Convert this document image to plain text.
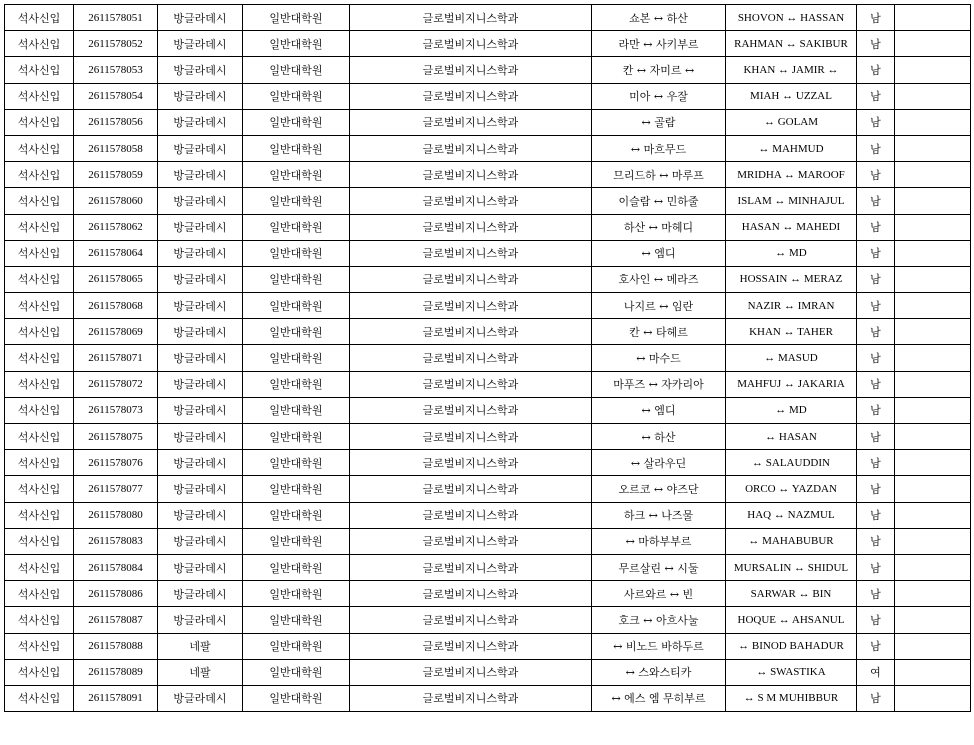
석사신입	2611578051	방글라데시	일반대학원	글로벌비지니스학과	쇼본 ↔ 하산	SHOVON ↔ HASSAN	남	
석사신입	2611578052	방글라데시	일반대학원	글로벌비지니스학과	라만 ↔ 사키부르	RAHMAN ↔ SAKIBUR	남	
석사신입	2611578053	방글라데시	일반대학원	글로벌비지니스학과	칸 ↔ 자미르 ↔	KHAN ↔ JAMIR ↔	남	
석사신입	2611578054	방글라데시	일반대학원	글로벌비지니스학과	미아 ↔ 우잘	MIAH ↔ UZZAL	남	
석사신입	2611578056	방글라데시	일반대학원	글로벌비지니스학과	↔ 골람	↔ GOLAM	남	
석사신입	2611578058	방글라데시	일반대학원	글로벌비지니스학과	↔ 마흐무드	↔ MAHMUD	남	
석사신입	2611578059	방글라데시	일반대학원	글로벌비지니스학과	므리드하 ↔ 마루프	MRIDHA ↔ MAROOF	남	
석사신입	2611578060	방글라데시	일반대학원	글로벌비지니스학과	이슬람 ↔ 민하줄	ISLAM ↔ MINHAJUL	남	
석사신입	2611578062	방글라데시	일반대학원	글로벌비지니스학과	하산 ↔ 마헤디	HASAN ↔ MAHEDI	남	
석사신입	2611578064	방글라데시	일반대학원	글로벌비지니스학과	↔ 엠디	↔ MD	남	
석사신입	2611578065	방글라데시	일반대학원	글로벌비지니스학과	호사인 ↔ 메라즈	HOSSAIN ↔ MERAZ	남	
석사신입	2611578068	방글라데시	일반대학원	글로벌비지니스학과	나지르 ↔ 임란	NAZIR ↔ IMRAN	남	
석사신입	2611578069	방글라데시	일반대학원	글로벌비지니스학과	칸 ↔ 타헤르	KHAN ↔ TAHER	남	
석사신입	2611578071	방글라데시	일반대학원	글로벌비지니스학과	↔ 마수드	↔ MASUD	남	
석사신입	2611578072	방글라데시	일반대학원	글로벌비지니스학과	마푸즈 ↔ 자카리아	MAHFUJ ↔ JAKARIA	남	
석사신입	2611578073	방글라데시	일반대학원	글로벌비지니스학과	↔ 엠디	↔ MD	남	
석사신입	2611578075	방글라데시	일반대학원	글로벌비지니스학과	↔ 하산	↔ HASAN	남	
석사신입	2611578076	방글라데시	일반대학원	글로벌비지니스학과	↔ 살라우딘	↔ SALAUDDIN	남	
석사신입	2611578077	방글라데시	일반대학원	글로벌비지니스학과	오르코 ↔ 야즈단	ORCO ↔ YAZDAN	남	
석사신입	2611578080	방글라데시	일반대학원	글로벌비지니스학과	하크 ↔ 나즈물	HAQ ↔ NAZMUL	남	
석사신입	2611578083	방글라데시	일반대학원	글로벌비지니스학과	↔ 마하부부르	↔ MAHABUBUR	남	
석사신입	2611578084	방글라데시	일반대학원	글로벌비지니스학과	무르살린 ↔ 시둘	MURSALIN ↔ SHIDUL	남	
석사신입	2611578086	방글라데시	일반대학원	글로벌비지니스학과	사르와르 ↔ 빈	SARWAR ↔ BIN	남	
석사신입	2611578087	방글라데시	일반대학원	글로벌비지니스학과	호크 ↔ 아흐사눌	HOQUE ↔ AHSANUL	남	
석사신입	2611578088	네팔	일반대학원	글로벌비지니스학과	↔ 비노드 바하두르	↔ BINOD BAHADUR	남	
석사신입	2611578089	네팔	일반대학원	글로벌비지니스학과	↔ 스와스티카	↔ SWASTIKA	여	
석사신입	2611578091	방글라데시	일반대학원	글로벌비지니스학과	↔ 에스 엠 무히부르	↔ S M MUHIBBUR	남	
